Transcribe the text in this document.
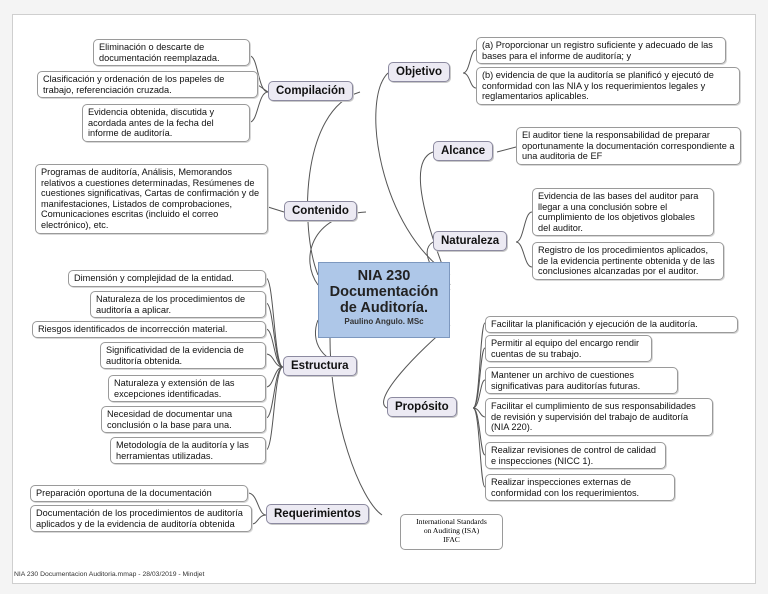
NIA 230
Documentación
de Auditoría.
Paulino Angulo. MSc
Compilación
Contenido
Estructura
Requerimientos
Objetivo
Alcance
Naturaleza
Propósito
Eliminación o descarte de documentación reemplazada.
Clasificación y ordenación de los papeles de trabajo, referenciación cruzada.
Evidencia obtenida, discutida y acordada antes de la fecha del informe de auditoría.
Programas de auditoría, Análisis, Memorandos relativos a cuestiones determinadas, Resúmenes de cuestiones significativas, Cartas de confirmación y de manifestaciones, Listados de comprobaciones, Comunicaciones escritas (incluido el correo electrónico), etc.
Dimensión y complejidad de la entidad.
Naturaleza de los procedimientos de auditoría a aplicar.
Riesgos identificados de incorrección material.
Significatividad de la evidencia de auditoría obtenida.
Naturaleza y extensión de las excepciones identificadas.
Necesidad de documentar una conclusión o la base para una.
Metodología de la auditoría y las herramientas utilizadas.
Preparación oportuna de la documentación
Documentación de los procedimientos de auditoría aplicados y de la evidencia de auditoría obtenida
(a) Proporcionar un registro suficiente y adecuado de las bases para el informe de auditoría; y
(b) evidencia de que la auditoría se planificó y ejecutó de conformidad con las NIA y los requerimientos legales y reglamentarios aplicables.
El auditor tiene la responsabilidad de preparar oportunamente la documentación correspondiente a una auditoria de EF
Evidencia de las bases del auditor para llegar a una conclusión sobre el cumplimiento de los objetivos globales del auditor.
Registro de los procedimientos aplicados, de la evidencia pertinente obtenida y de las conclusiones alcanzadas por el auditor.
Facilitar la planificación y ejecución de la auditoría.
Permitir al equipo del encargo rendir cuentas de su trabajo.
Mantener un archivo de cuestiones significativas para auditorías futuras.
Facilitar el cumplimiento de sus responsabilidades de revisión y supervisión del trabajo de auditoría (NIA 220).
Realizar revisiones de control de calidad e inspecciones (NICC 1).
Realizar inspecciones externas de conformidad con los requerimientos.
International Standards
on Auditing (ISA)
IFAC
NIA 230 Documentacion Auditoria.mmap - 28/03/2019 - Mindjet
